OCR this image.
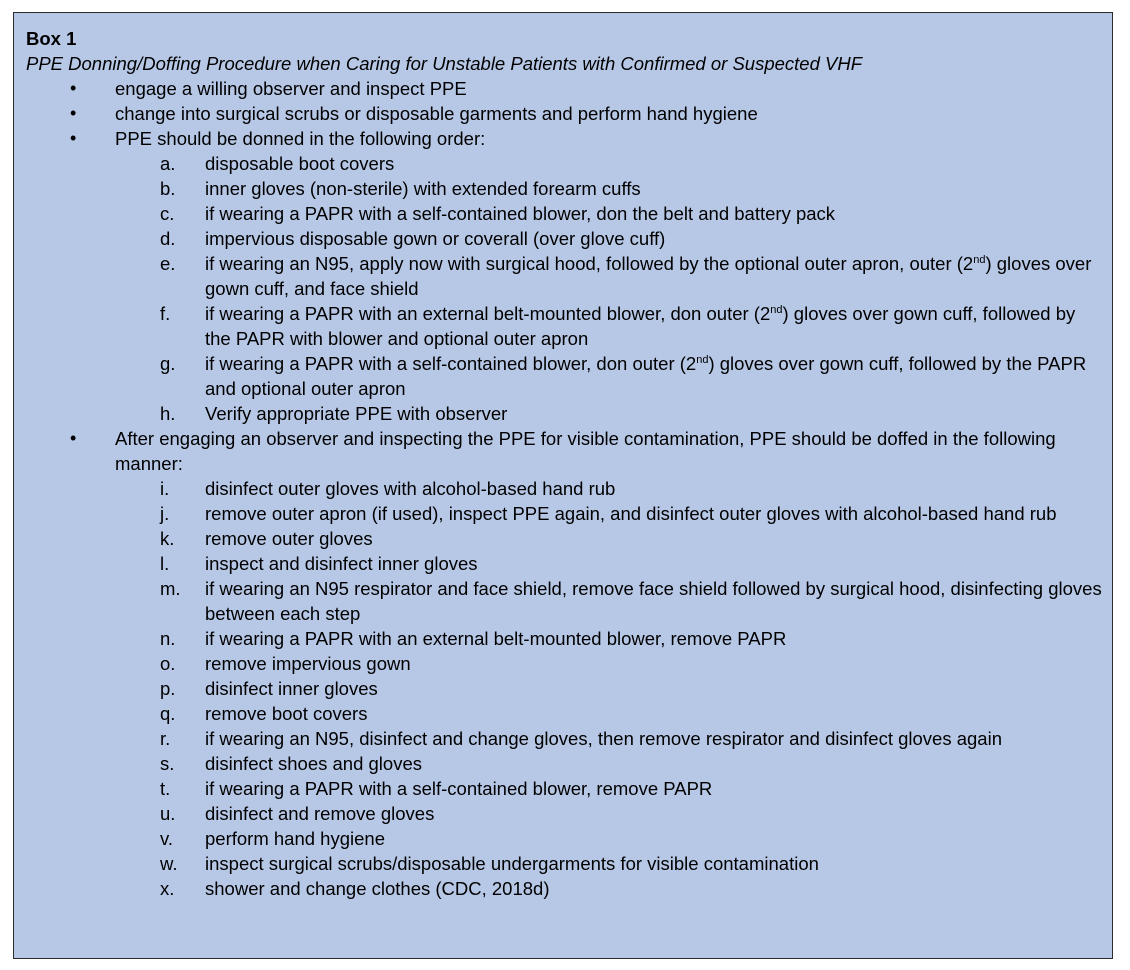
Box 1
PPE Donning/Doffing Procedure when Caring for Unstable Patients with Confirmed or Suspected VHF
• engage a willing observer and inspect PPE
• change into surgical scrubs or disposable garments and perform hand hygiene
• PPE should be donned in the following order:
a. disposable boot covers
b. inner gloves (non-sterile) with extended forearm cuffs
c. if wearing a PAPR with a self-contained blower, don the belt and battery pack
d. impervious disposable gown or coverall (over glove cuff)
e. if wearing an N95, apply now with surgical hood, followed by the optional outer apron, outer (2nd) gloves over gown cuff, and face shield
f. if wearing a PAPR with an external belt-mounted blower, don outer (2nd) gloves over gown cuff, followed by the PAPR with blower and optional outer apron
g. if wearing a PAPR with a self-contained blower, don outer (2nd) gloves over gown cuff, followed by the PAPR and optional outer apron
h. Verify appropriate PPE with observer
• After engaging an observer and inspecting the PPE for visible contamination, PPE should be doffed in the following manner:
i. disinfect outer gloves with alcohol-based hand rub
j. remove outer apron (if used), inspect PPE again, and disinfect outer gloves with alcohol-based hand rub
k. remove outer gloves
l. inspect and disinfect inner gloves
m. if wearing an N95 respirator and face shield, remove face shield followed by surgical hood, disinfecting gloves between each step
n. if wearing a PAPR with an external belt-mounted blower, remove PAPR
o. remove impervious gown
p. disinfect inner gloves
q. remove boot covers
r. if wearing an N95, disinfect and change gloves, then remove respirator and disinfect gloves again
s. disinfect shoes and gloves
t. if wearing a PAPR with a self-contained blower, remove PAPR
u. disinfect and remove gloves
v. perform hand hygiene
w. inspect surgical scrubs/disposable undergarments for visible contamination
x. shower and change clothes (CDC, 2018d)
